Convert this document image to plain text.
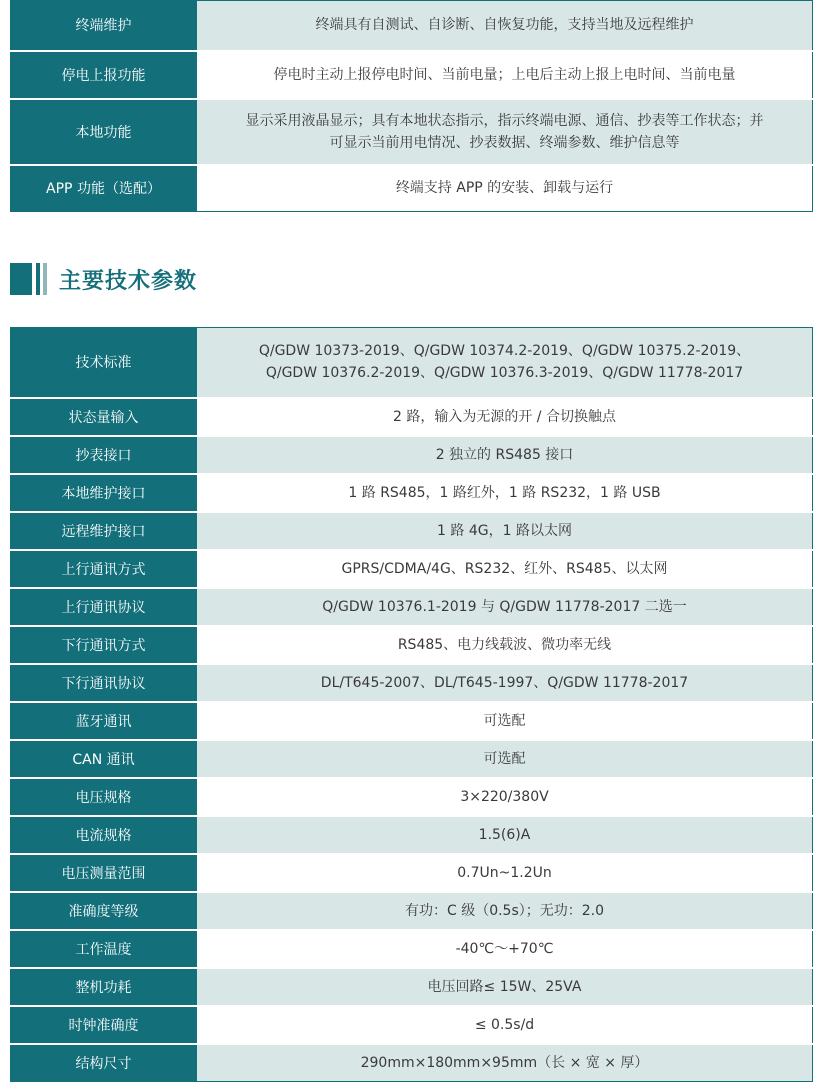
终端维护	终端具有自测试、自诊断、自恢复功能，支持当地及远程维护
停电上报功能	停电时主动上报停电时间、当前电量；上电后主动上报上电时间、当前电量
本地功能	显示采用液晶显示；具有本地状态指示，指示终端电源、通信、抄表等工作状态；并
可显示当前用电情况、抄表数据、终端参数、维护信息等

APP 功能（选配）	终端支持 APP 的安装、卸载与运行
主要技术参数
技术标准	Q/GDW 10373-2019、Q/GDW 10374.2-2019、Q/GDW 10375.2-2019、
Q/GDW 10376.2-2019、Q/GDW 10376.3-2019、Q/GDW 11778-2017

状态量输入	2 路，输入为无源的开 / 合切换触点
抄表接口	2 独立的 RS485 接口
本地维护接口	1 路 RS485，1 路红外，1 路 RS232，1 路 USB
远程维护接口	1 路 4G，1 路以太网
上行通讯方式	GPRS/CDMA/4G、RS232、红外、RS485、以太网
上行通讯协议	Q/GDW 10376.1-2019 与 Q/GDW 11778-2017 二选一
下行通讯方式	RS485、电力线载波、微功率无线
下行通讯协议	DL/T645-2007、DL/T645-1997、Q/GDW 11778-2017
蓝牙通讯	可选配
CAN 通讯	可选配
电压规格	3×220/380V
电流规格	1.5(6)A
电压测量范围	0.7Un~1.2Un
准确度等级	有功：C 级（0.5s）；无功：2.0
工作温度	-40℃～+70℃
整机功耗	电压回路≤ 15W、25VA
时钟准确度	≤ 0.5s/d
结构尺寸	290mm×180mm×95mm（长 × 宽 × 厚）
